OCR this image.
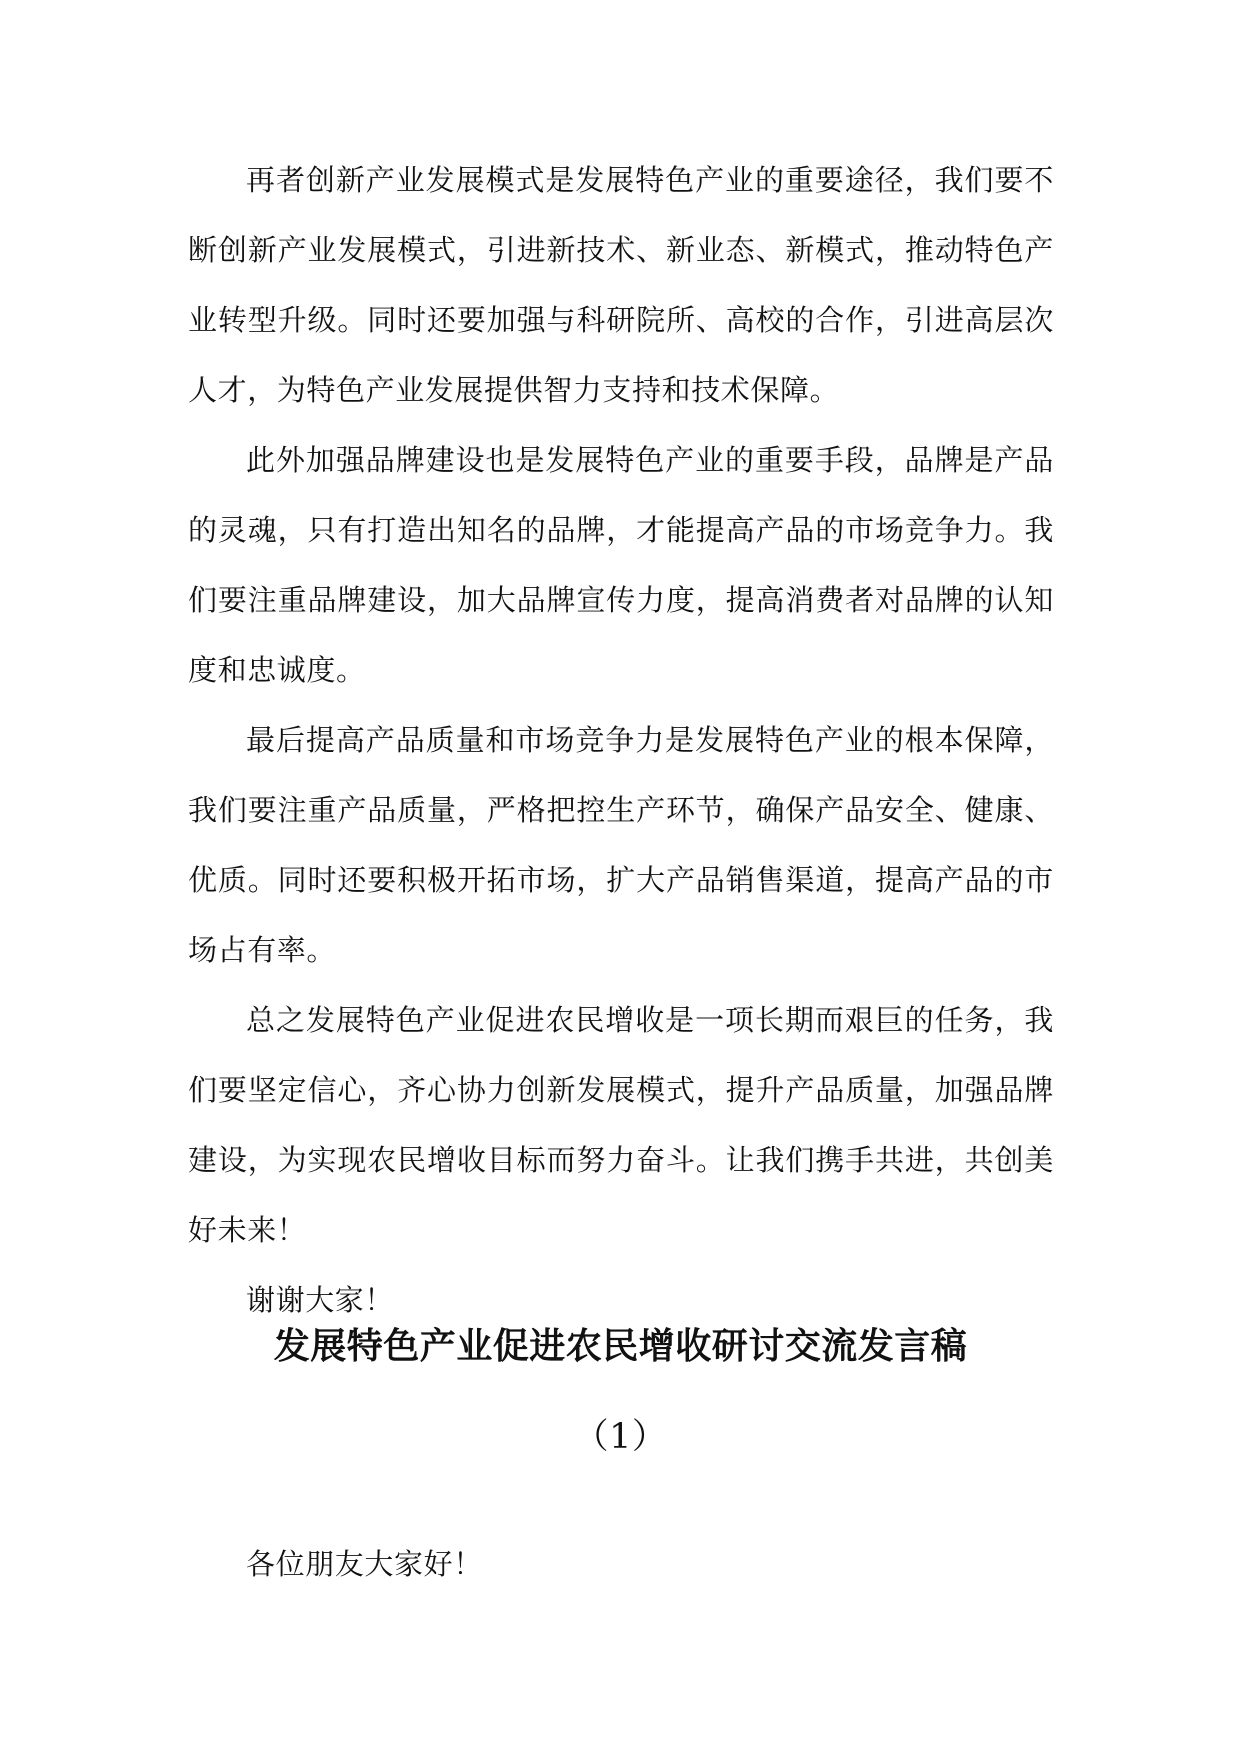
再者创新产业发展模式是发展特色产业的重要途径，我们要不断创新产业发展模式，引进新技术、新业态、新模式，推动特色产业转型升级。同时还要加强与科研院所、高校的合作，引进高层次人才，为特色产业发展提供智力支持和技术保障。

此外加强品牌建设也是发展特色产业的重要手段，品牌是产品的灵魂，只有打造出知名的品牌，才能提高产品的市场竞争力。我们要注重品牌建设，加大品牌宣传力度，提高消费者对品牌的认知度和忠诚度。

最后提高产品质量和市场竞争力是发展特色产业的根本保障，我们要注重产品质量，严格把控生产环节，确保产品安全、健康、优质。同时还要积极开拓市场，扩大产品销售渠道，提高产品的市场占有率。

总之发展特色产业促进农民增收是一项长期而艰巨的任务，我们要坚定信心，齐心协力创新发展模式，提升产品质量，加强品牌建设，为实现农民增收目标而努力奋斗。让我们携手共进，共创美好未来！

谢谢大家！

发展特色产业促进农民增收研讨交流发言稿
（1）

各位朋友大家好！
